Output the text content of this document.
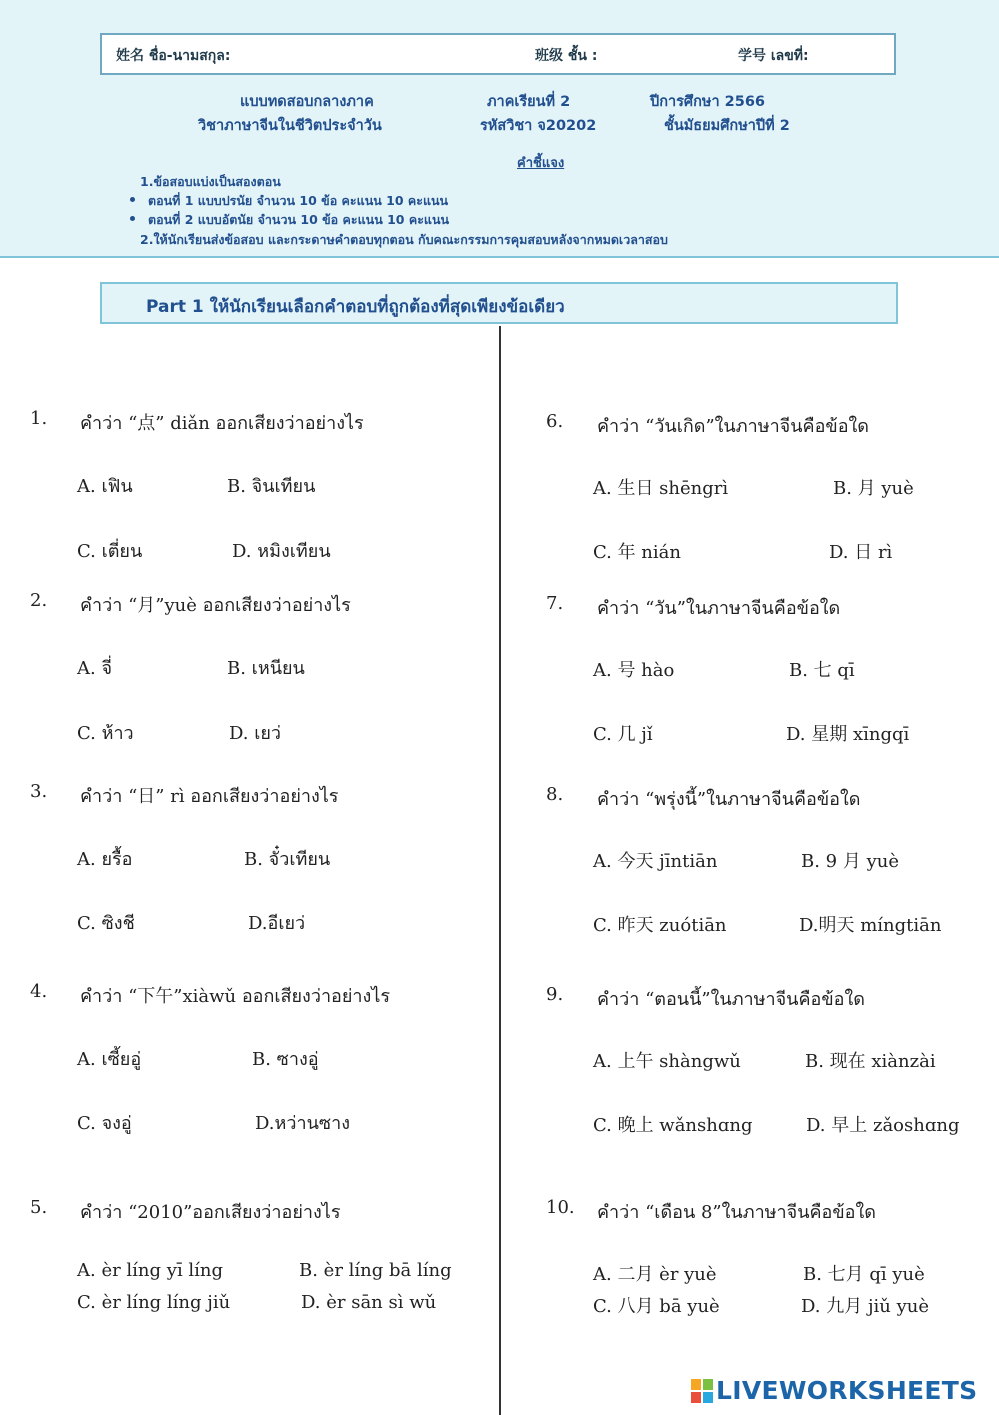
姓名 ชื่อ-นามสกุล:	班级 ชั้น :	学号 เลขที่:
แบบทดสอบกลางภาค	ภาคเรียนที่ 2	ปีการศึกษา 2566
วิชาภาษาจีนในชีวิตประจำวัน	รหัสวิชา จ20202	ชั้นมัธยมศึกษาปีที่ 2
คำชี้แจง
1.ข้อสอบแบ่งเป็นสองตอน
ตอนที่ 1 แบบปรนัย จำนวน 10 ข้อ คะแนน 10 คะแนน
ตอนที่ 2 แบบอัตนัย จำนวน 10 ข้อ คะแนน 10 คะแนน
2.ให้นักเรียนส่งข้อสอบ และกระดาษคำตอบทุกตอน กับคณะกรรมการคุมสอบหลังจากหมดเวลาสอบ
Part 1 ให้นักเรียนเลือกคำตอบที่ถูกต้องที่สุดเพียงข้อเดียว
1. คำว่า “点” diǎn ออกเสียงว่าอย่างไร
A. เฟิน	B. จินเทียน
C. เตี่ยน	D. หมิงเทียน
2. คำว่า “月”yuè ออกเสียงว่าอย่างไร
A. จี่	B. เหนียน
C. ห้าว	D. เยว่
3. คำว่า “日” rì ออกเสียงว่าอย่างไร
A. ยรื้อ	B. จั๋วเทียน
C. ซิงชี	D.อีเยว่
4. คำว่า “下午”xiàwǔ ออกเสียงว่าอย่างไร
A. เซี้ยอู่	B. ซางอู่
C. จงอู่	D.หว่านซาง
5. คำว่า “2010”ออกเสียงว่าอย่างไร
A. èr líng yī líng	B. èr líng bā líng
C. èr líng líng jiǔ	D. èr sān sì wǔ
6. คำว่า “วันเกิด”ในภาษาจีนคือข้อใด
A. 生日 shēngrì	B. 月 yuè
C. 年 nián	D. 日 rì
7. คำว่า “วัน”ในภาษาจีนคือข้อใด
A. 号 hào	B. 七 qī
C. 几 jǐ	D. 星期 xīngqī
8. คำว่า “พรุ่งนี้”ในภาษาจีนคือข้อใด
A. 今天 jīntiān	B. 9 月 yuè
C. 昨天 zuótiān	D.明天 míngtiān
9. คำว่า “ตอนนี้”ในภาษาจีนคือข้อใด
A. 上午 shàngwǔ	B. 现在 xiànzài
C. 晚上 wǎnshɑng	D. 早上 zǎoshɑng
10. คำว่า “เดือน 8”ในภาษาจีนคือข้อใด
A. 二月 èr yuè	B. 七月 qī yuè
C. 八月 bā yuè	D. 九月 jiǔ yuè
LIVEWORKSHEETS
